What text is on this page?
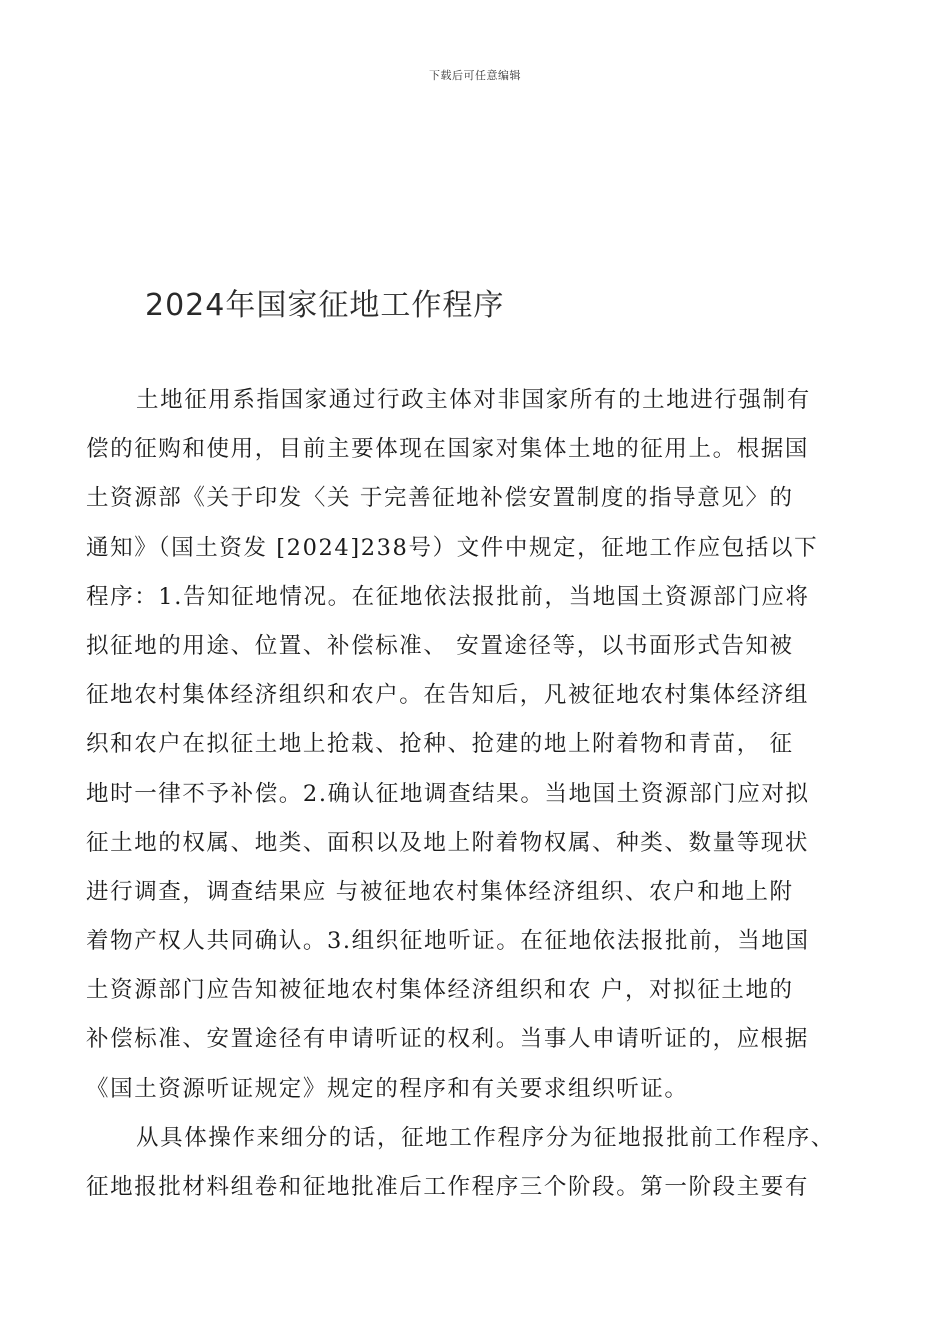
下载后可任意编辑
2024年国家征地工作程序
土地征用系指国家通过行政主体对非国家所有的土地进行强制有
偿的征购和使用，目前主要体现在国家对集体土地的征用上。根据国
土资源部《关于印发〈关 于完善征地补偿安置制度的指导意见〉的
通知》（国土资发 [2024]238号）文件中规定，征地工作应包括以下
程序：1.告知征地情况。在征地依法报批前，当地国土资源部门应将
拟征地的用途、位置、补偿标准、 安置途径等，以书面形式告知被
征地农村集体经济组织和农户。在告知后，凡被征地农村集体经济组
织和农户在拟征土地上抢栽、抢种、抢建的地上附着物和青苗， 征
地时一律不予补偿。2.确认征地调查结果。当地国土资源部门应对拟
征土地的权属、地类、面积以及地上附着物权属、种类、数量等现状
进行调查，调查结果应 与被征地农村集体经济组织、农户和地上附
着物产权人共同确认。3.组织征地听证。在征地依法报批前，当地国
土资源部门应告知被征地农村集体经济组织和农 户，对拟征土地的
补偿标准、安置途径有申请听证的权利。当事人申请听证的，应根据
《国土资源听证规定》规定的程序和有关要求组织听证。
从具体操作来细分的话，征地工作程序分为征地报批前工作程序、
征地报批材料组卷和征地批准后工作程序三个阶段。第一阶段主要有
